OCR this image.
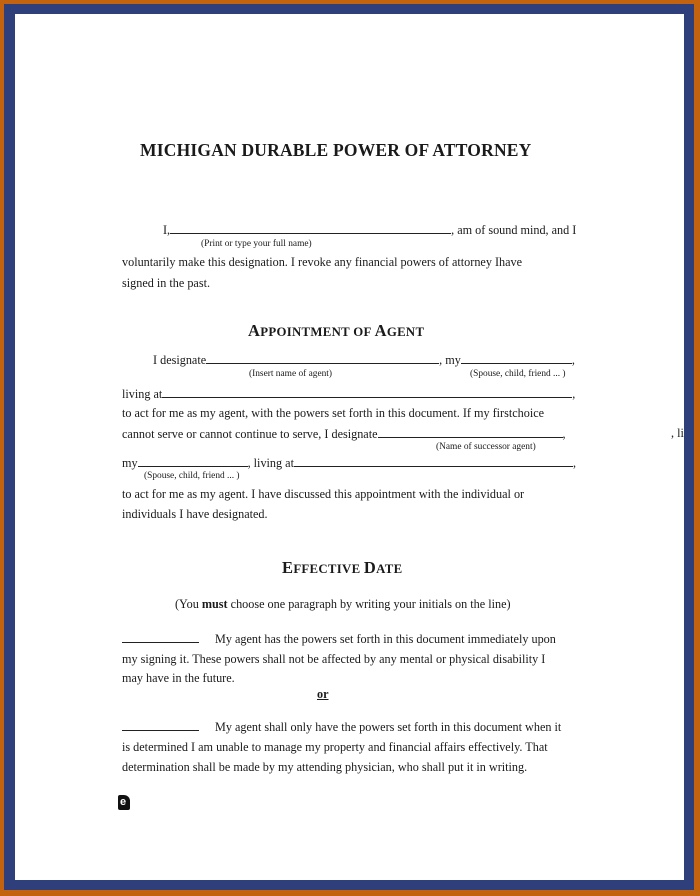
MICHIGAN DURABLE POWER OF ATTORNEY
I,	, am of sound mind, and I
(Print or type your full name)
voluntarily make this designation. I revoke any financial powers of attorney Ihave
signed in the past.
APPOINTMENT OF AGENT
I designate	, my	,
(Insert name of agent)	(Spouse, child, friend ... )
living at	,
to act for me as my agent, with the powers set forth in this document. If my firstchoice
cannot serve or cannot continue to serve, I designate	,	, li
(Name of successor agent)
my	, living at	,
(Spouse, child, friend ... )
to act for me as my agent. I have discussed this appointment with the individual or
individuals I have designated.
EFFECTIVE DATE
(You must choose one paragraph by writing your initials on the line)
My agent has the powers set forth in this document immediately upon
my signing it. These powers shall not be affected by any mental or physical disability I
may have in the future.
or
My agent shall only have the powers set forth in this document when it
is determined I am unable to manage my property and financial affairs effectively. That
determination shall be made by my attending physician, who shall put it in writing.
e
